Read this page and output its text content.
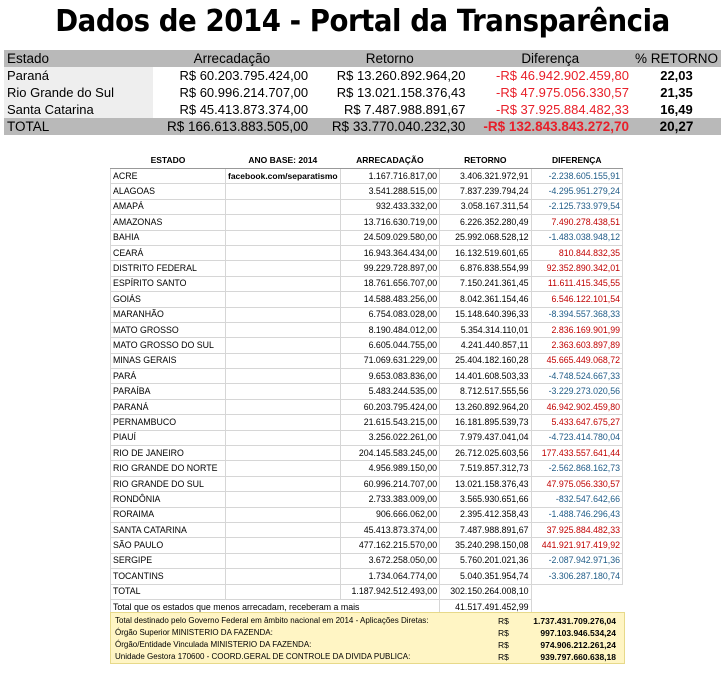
Dados de 2014 - Portal da Transparência
Estado	Arrecadação	Retorno	Diferença	% RETORNO
Paraná	R$ 60.203.795.424,00	R$ 13.260.892.964,20	-R$ 46.942.902.459,80	22,03
Rio Grande do Sul	R$ 60.996.214.707,00	R$ 13.021.158.376,43	-R$ 47.975.056.330,57	21,35
Santa Catarina	R$ 45.413.873.374,00	R$ 7.487.988.891,67	-R$ 37.925.884.482,33	16,49
TOTAL	R$ 166.613.883.505,00	R$ 33.770.040.232,30	-R$ 132.843.843.272,70	20,27
ESTADO	ANO BASE: 2014	ARRECADAÇÃO	RETORNO	DIFERENÇA
ACRE	facebook.com/separatismo	1.167.716.817,00	3.406.321.972,91	-2.238.605.155,91
ALAGOAS		3.541.288.515,00	7.837.239.794,24	-4.295.951.279,24
AMAPÁ		932.433.332,00	3.058.167.311,54	-2.125.733.979,54
AMAZONAS		13.716.630.719,00	6.226.352.280,49	7.490.278.438,51
BAHIA		24.509.029.580,00	25.992.068.528,12	-1.483.038.948,12
CEARÁ		16.943.364.434,00	16.132.519.601,65	810.844.832,35
DISTRITO FEDERAL		99.229.728.897,00	6.876.838.554,99	92.352.890.342,01
ESPÍRITO SANTO		18.761.656.707,00	7.150.241.361,45	11.611.415.345,55
GOIÁS		14.588.483.256,00	8.042.361.154,46	6.546.122.101,54
MARANHÃO		6.754.083.028,00	15.148.640.396,33	-8.394.557.368,33
MATO GROSSO		8.190.484.012,00	5.354.314.110,01	2.836.169.901,99
MATO GROSSO DO SUL		6.605.044.755,00	4.241.440.857,11	2.363.603.897,89
MINAS GERAIS		71.069.631.229,00	25.404.182.160,28	45.665.449.068,72
PARÁ		9.653.083.836,00	14.401.608.503,33	-4.748.524.667,33
PARAÍBA		5.483.244.535,00	8.712.517.555,56	-3.229.273.020,56
PARANÁ		60.203.795.424,00	13.260.892.964,20	46.942.902.459,80
PERNAMBUCO		21.615.543.215,00	16.181.895.539,73	5.433.647.675,27
PIAUÍ		3.256.022.261,00	7.979.437.041,04	-4.723.414.780,04
RIO DE JANEIRO		204.145.583.245,00	26.712.025.603,56	177.433.557.641,44
RIO GRANDE DO NORTE		4.956.989.150,00	7.519.857.312,73	-2.562.868.162,73
RIO GRANDE DO SUL		60.996.214.707,00	13.021.158.376,43	47.975.056.330,57
RONDÔNIA		2.733.383.009,00	3.565.930.651,66	-832.547.642,66
RORAIMA		906.666.062,00	2.395.412.358,43	-1.488.746.296,43
SANTA CATARINA		45.413.873.374,00	7.487.988.891,67	37.925.884.482,33
SÃO PAULO		477.162.215.570,00	35.240.298.150,08	441.921.917.419,92
SERGIPE		3.672.258.050,00	5.760.201.021,36	-2.087.942.971,36
TOCANTINS		1.734.064.774,00	5.040.351.954,74	-3.306.287.180,74
TOTAL		1.187.942.512.493,00	302.150.264.008,10	
Total que os estados que menos arrecadam, receberam a mais			41.517.491.452,99	
Total destinado pelo Governo Federal em âmbito nacional em 2014 - Aplicações Diretas:	R$	1.737.431.709.276,04
Órgão Superior MINISTERIO DA FAZENDA:	R$	997.103.946.534,24
Órgão/Entidade Vinculada MINISTERIO DA FAZENDA:	R$	974.906.212.261,24
Unidade Gestora 170600 - COORD.GERAL DE CONTROLE DA DIVIDA PUBLICA:	R$	939.797.660.638,18
